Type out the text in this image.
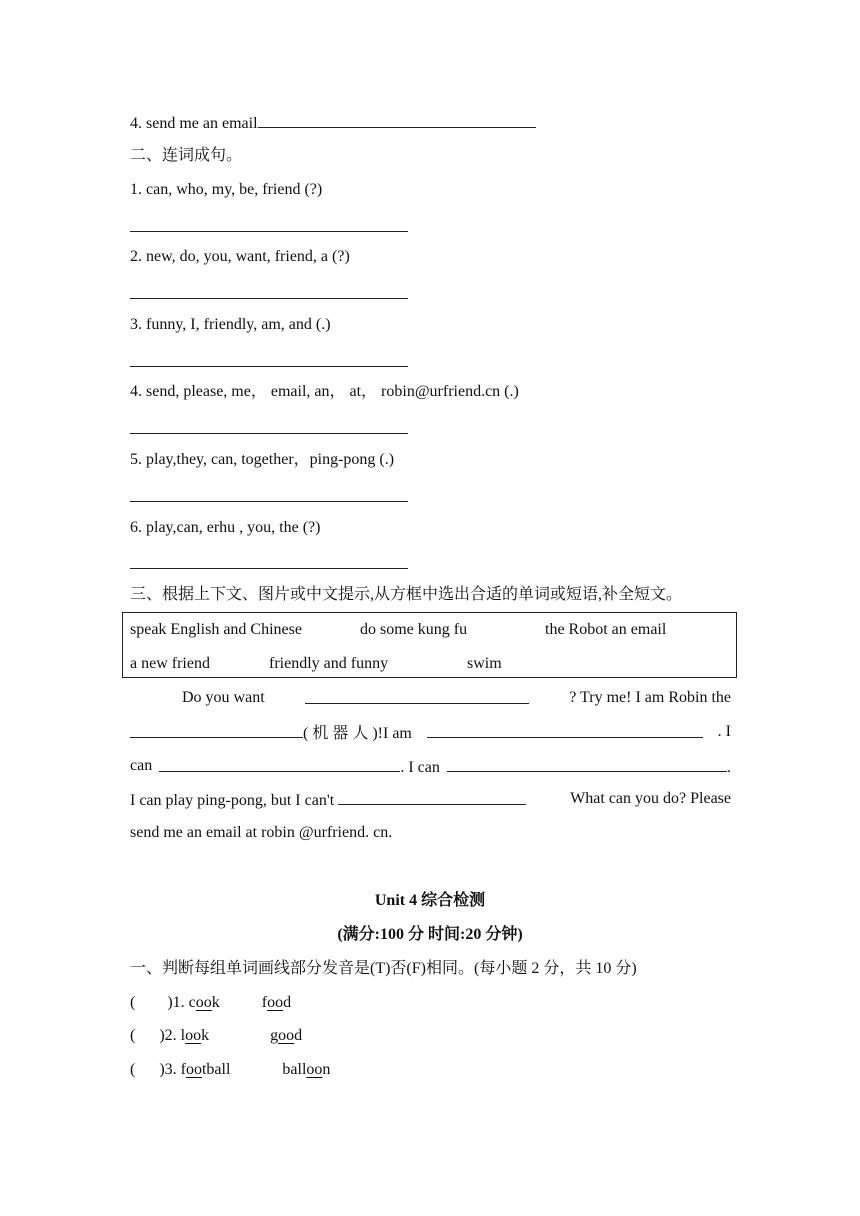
4. send me an email
二、连词成句。
1. can, who, my, be, friend (?)
2. new, do, you, want, friend, a (?)
3. funny, I, friendly, am, and (.)
4. send, please, me， email, an， at， robin@urfriend.cn (.)
5. play,they, can, together，ping-pong (.)
6. play,can, erhu , you, the (?)
三、根据上下文、图片或中文提示,从方框中选出合适的单词或短语,补全短文。
speak English and Chinese	do some kung fu	the Robot an email
a new friend	friendly and funny	swim
Do you want	? Try me! I am Robin the
( 机 器 人 )!I am	. I
can	. I can	.
I can play ping-pong, but I can't	What can you do? Please
send me an email at robin @urfriend. cn.
Unit 4 综合检测
(满分:100 分 时间:20 分钟)
一、判断每组单词画线部分发音是(T)否(F)相同。(每小题 2 分，共 10 分)
(        )1. cook	food
(      )2. look	good
(      )3. football	balloon
